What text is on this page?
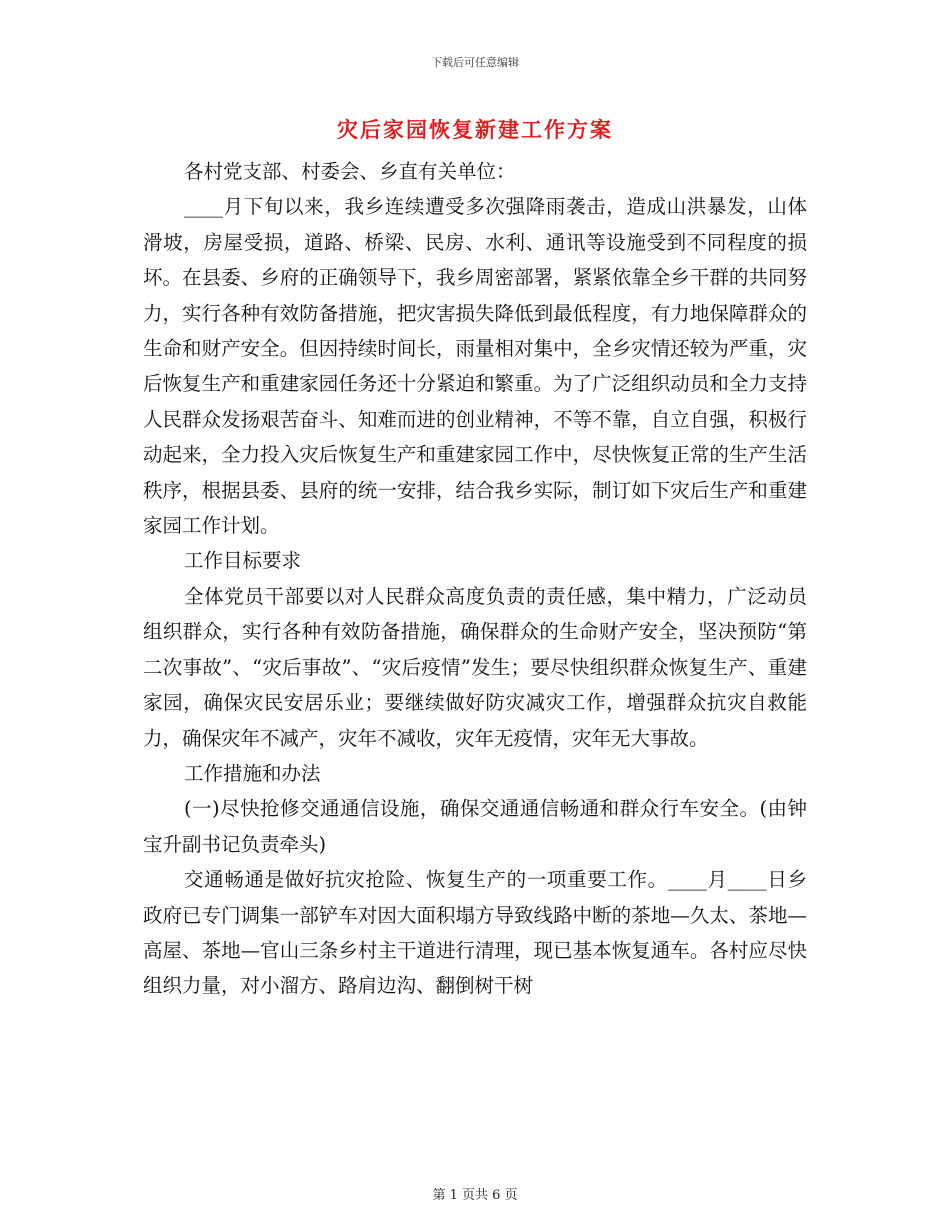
下载后可任意编辑
灾后家园恢复新建工作方案

各村党支部、村委会、乡直有关单位：

____月下旬以来，我乡连续遭受多次强降雨袭击，造成山洪暴发，山体滑坡，房屋受损，道路、桥梁、民房、水利、通讯等设施受到不同程度的损坏。在县委、乡府的正确领导下，我乡周密部署，紧紧依靠全乡干群的共同努力，实行各种有效防备措施，把灾害损失降低到最低程度，有力地保障群众的生命和财产安全。但因持续时间长，雨量相对集中，全乡灾情还较为严重，灾后恢复生产和重建家园任务还十分紧迫和繁重。为了广泛组织动员和全力支持人民群众发扬艰苦奋斗、知难而进的创业精神，不等不靠，自立自强，积极行动起来，全力投入灾后恢复生产和重建家园工作中，尽快恢复正常的生产生活秩序，根据县委、县府的统一安排，结合我乡实际，制订如下灾后生产和重建家园工作计划。

工作目标要求

全体党员干部要以对人民群众高度负责的责任感，集中精力，广泛动员组织群众，实行各种有效防备措施，确保群众的生命财产安全，坚决预防“第二次事故”、“灾后事故”、“灾后疫情”发生；要尽快组织群众恢复生产、重建家园，确保灾民安居乐业；要继续做好防灾减灾工作，增强群众抗灾自救能力，确保灾年不减产，灾年不减收，灾年无疫情，灾年无大事故。

工作措施和办法

(一)尽快抢修交通通信设施，确保交通通信畅通和群众行车安全。(由钟宝升副书记负责牵头)

交通畅通是做好抗灾抢险、恢复生产的一项重要工作。____月____日乡政府已专门调集一部铲车对因大面积塌方导致线路中断的茶地—久太、茶地—高屋、茶地—官山三条乡村主干道进行清理，现已基本恢复通车。各村应尽快组织力量，对小溜方、路肩边沟、翻倒树干树

第 1 页共 6 页
